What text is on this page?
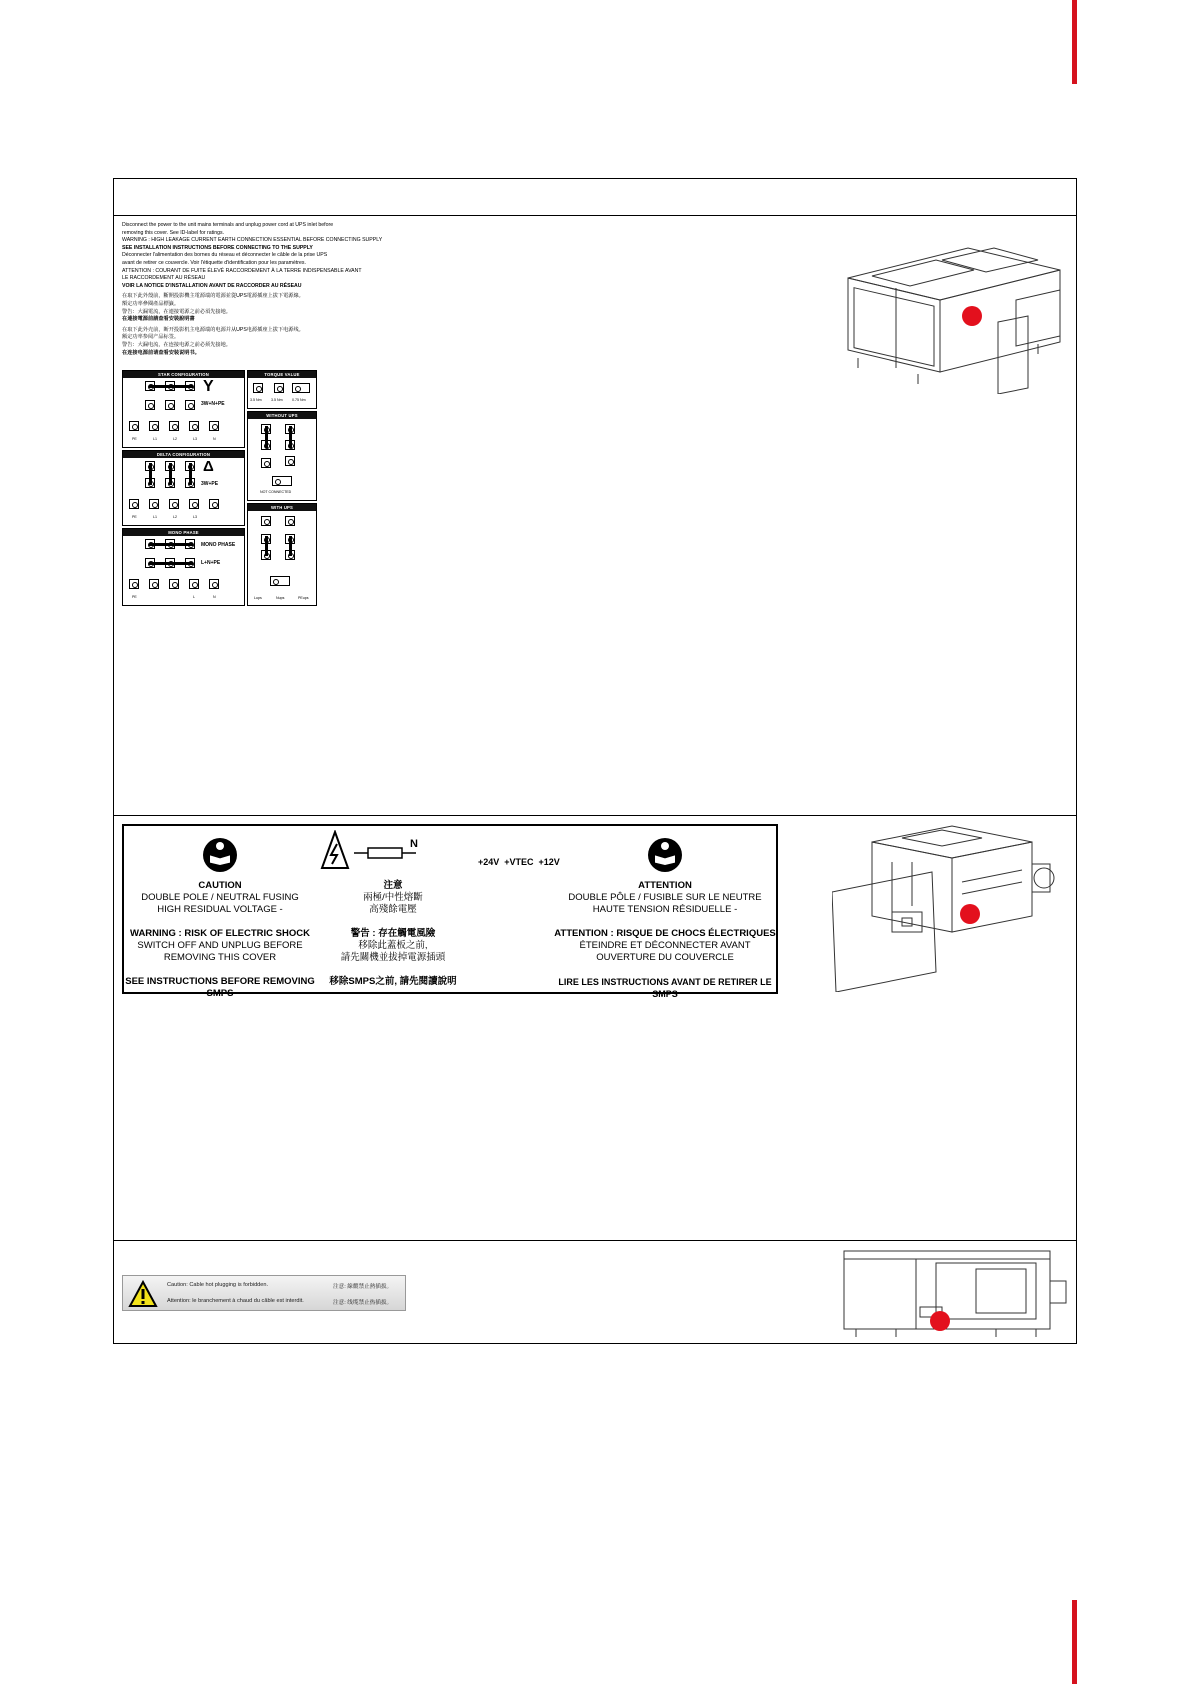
Disconnect the power to the unit mains terminals and unplug power cord at UPS inlet before

removing this cover. See ID-label for ratings.

WARNING : HIGH LEAKAGE CURRENT EARTH CONNECTION ESSENTIAL BEFORE CONNECTING SUPPLY

SEE INSTALLATION INSTRUCTIONS BEFORE CONNECTING TO THE SUPPLY

Déconnecter l'alimentation des bornes du réseau et déconnecter le câble de la prise UPS

avant de retirer ce couvercle. Voir l'étiquette d'identification pour les paramètres.

ATTENTION : COURANT DE FUITE ÉLEVÉ RACCORDEMENT À LA TERRE INDISPENSABLE AVANT

LE RACCORDEMENT AU RÉSEAU

VOIR LA NOTICE D'INSTALLATION AVANT DE RACCORDER AU RÉSEAU

在取下此外殼前，斷開投影機主電源端的電源並從UPS電源插座上拔下電源線。

額定功率參閱產品標籤。

警告：大漏電流，在連接電源之前必須先接地。

在連接電源前請查看安裝說明書

在取下此外壳前，断开投影机主电源端的电源并从UPS电源插座上拔下电源线。

额定功率参阅产品标签。

警告：大漏电流，在连接电源之前必须先接地。

在连接电源前请查看安装说明书。

STAR CONFIGURATION
Y
3W+N+PE
PE	L1	L2	L3	N
DELTA CONFIGURATION
Δ
3W+PE
PE	L1	L2	L3
MONO PHASE
MONO PHASE
L+N+PE
PE	L	N
TORQUE VALUE
3.5 Nm	3.5 Nm	0.75 Nm
WITHOUT UPS
NOT CONNECTED
WITH UPS
Lups	Nups	PEups
CAUTION
DOUBLE POLE / NEUTRAL FUSING
HIGH RESIDUAL VOLTAGE -
WARNING : RISK OF ELECTRIC SHOCK
SWITCH OFF AND UNPLUG BEFORE
REMOVING THIS COVER
SEE INSTRUCTIONS BEFORE REMOVING SMPS
N
+24V  +VTEC  +12V
注意
兩極/中性熔斷
高殘餘電壓
警告 : 存在觸電風險
移除此蓋板之前,
請先關機並拔掉電源插頭
移除SMPS之前, 請先閱讀說明
ATTENTION
DOUBLE PÔLE / FUSIBLE SUR LE NEUTRE
HAUTE TENSION RÉSIDUELLE -
ATTENTION : RISQUE DE CHOCS ÉLECTRIQUES
ÉTEINDRE ET DÉCONNECTER AVANT
OUVERTURE DU COUVERCLE
LIRE LES INSTRUCTIONS AVANT DE RETIRER LE SMPS
Caution: Cable hot plugging is forbidden.	注意: 線纜禁止熱插拔。
Attention: le branchement à chaud du câble est interdit.	注意: 线缆禁止热插拔。
